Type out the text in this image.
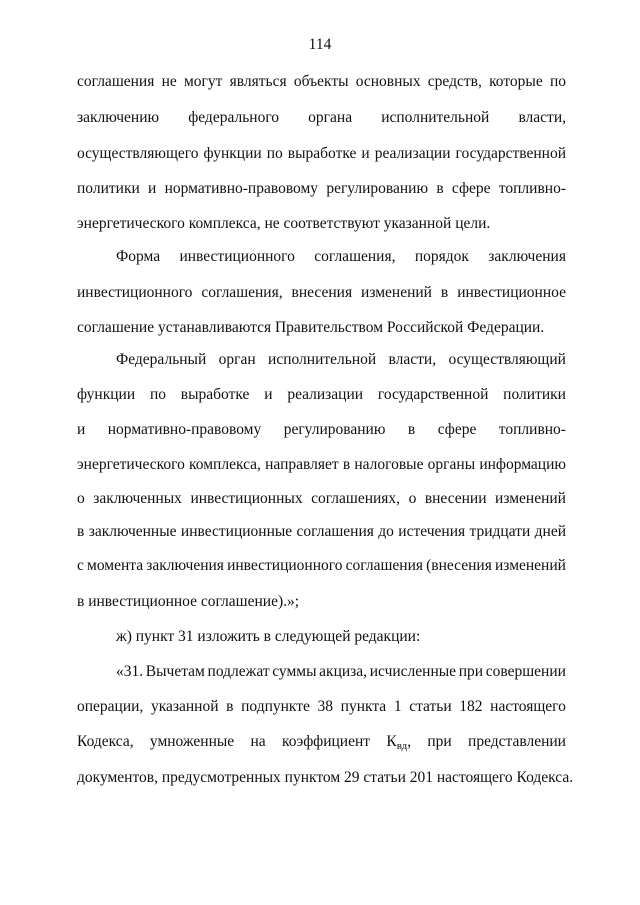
114
соглашения не могут являться объекты основных средств, которые по
заключению федерального органа исполнительной власти,
осуществляющего функции по выработке и реализации государственной
политики и нормативно-правовому регулированию в сфере топливно-
энергетического комплекса, не соответствуют указанной цели.
Форма инвестиционного соглашения, порядок заключения
инвестиционного соглашения, внесения изменений в инвестиционное
соглашение устанавливаются Правительством Российской Федерации.
Федеральный орган исполнительной власти, осуществляющий
функции по выработке и реализации государственной политики
и нормативно-правовому регулированию в сфере топливно-
энергетического комплекса, направляет в налоговые органы информацию
о заключенных инвестиционных соглашениях, о внесении изменений
в заключенные инвестиционные соглашения до истечения тридцати дней
с момента заключения инвестиционного соглашения (внесения изменений
в инвестиционное соглашение).»;
ж) пункт 31 изложить в следующей редакции:
«31. Вычетам подлежат суммы акциза, исчисленные при совершении
операции, указанной в подпункте 38 пункта 1 статьи 182 настоящего
Кодекса, умноженные на коэффициент $К_{вд}$, при представлении
документов, предусмотренных пунктом 29 статьи 201 настоящего Кодекса.
